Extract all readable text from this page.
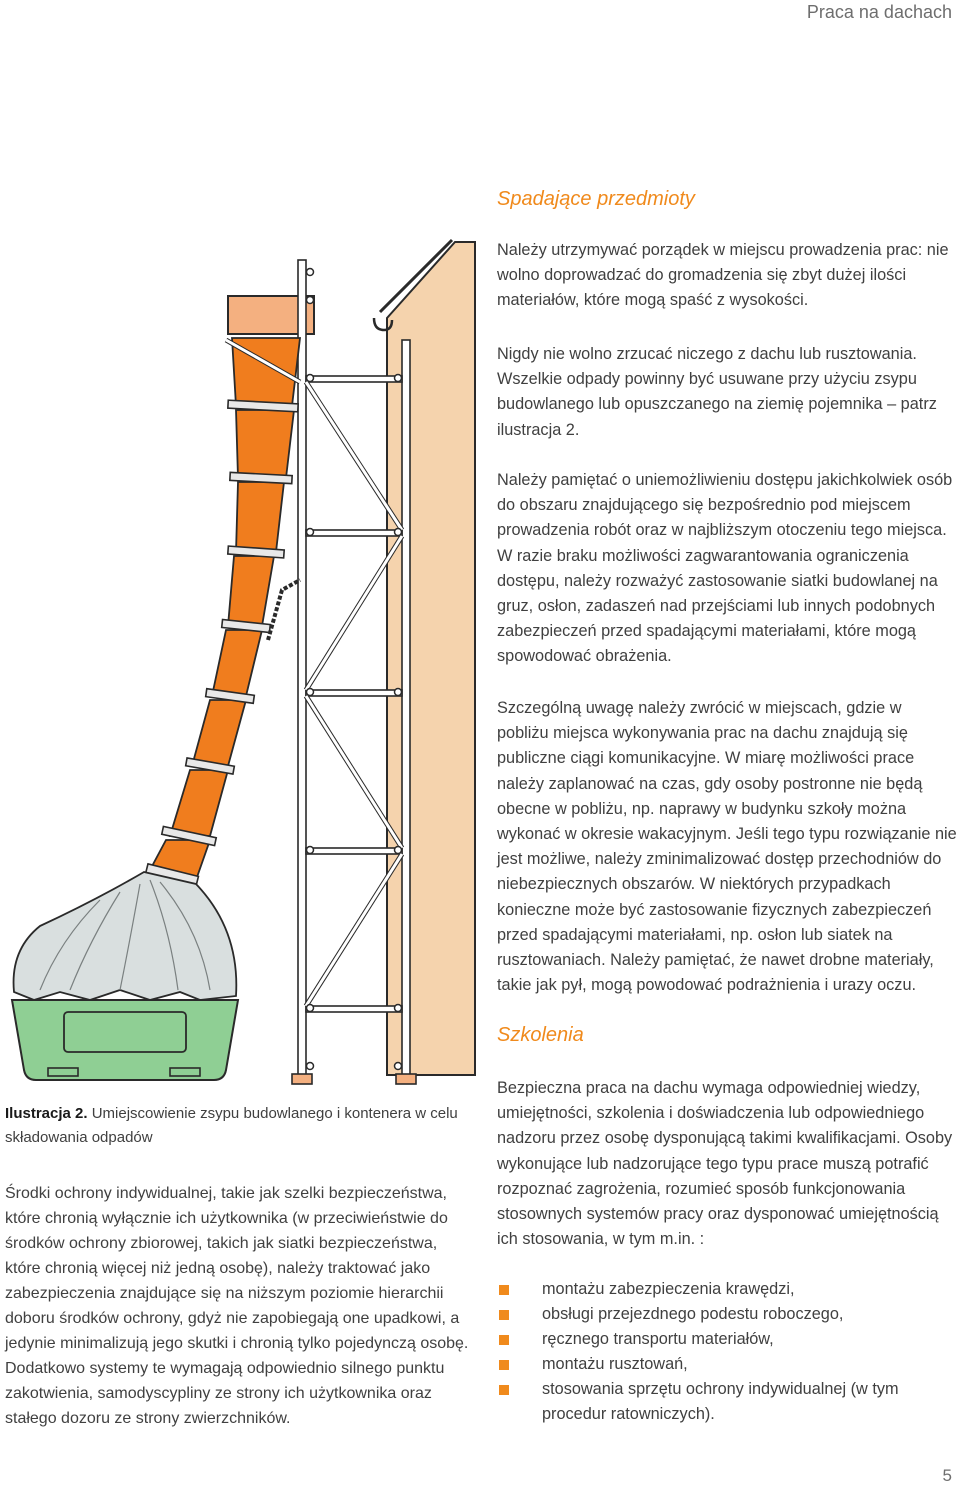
Praca na dachach
Spadające przedmioty

Należy utrzymywać porządek w miejscu prowadzenia prac: nie wolno doprowadzać do gromadzenia się zbyt dużej ilości materiałów, które mogą spaść z wysokości.

Nigdy nie wolno zrzucać niczego z dachu lub rusztowania. Wszelkie odpady powinny być usuwane przy użyciu zsypu budowlanego lub opuszczanego na ziemię pojemnika – patrz ilustracja 2.

Należy pamiętać o uniemożliwieniu dostępu jakichkolwiek osób do obszaru znajdującego się bezpośrednio pod miejscem prowadzenia robót oraz w najbliższym otoczeniu tego miejsca. W razie braku możliwości zagwarantowania ograniczenia dostępu, należy rozważyć zastosowanie siatki budowlanej na gruz, osłon, zadaszeń nad przejściami lub innych podobnych zabezpieczeń przed spadającymi materiałami, które mogą spowodować obrażenia.

Szczególną uwagę należy zwrócić w miejscach, gdzie w pobliżu miejsca wykonywania prac na dachu znajdują się publiczne ciągi komunikacyjne. W miarę możliwości prace należy zaplanować na czas, gdy osoby postronne nie będą obecne w pobliżu, np. naprawy w budynku szkoły można wykonać w okresie wakacyjnym. Jeśli tego typu rozwiązanie nie jest możliwe, należy zminimalizować dostęp przechodniów do niebezpiecznych obszarów. W niektórych przypadkach konieczne może być zastosowanie fizycznych zabezpieczeń przed spadającymi materiałami, np. osłon lub siatek na rusztowaniach. Należy pamiętać, że nawet drobne materiały, takie jak pył, mogą powodować podrażnienia i urazy oczu.

Szkolenia

Bezpieczna praca na dachu wymaga odpowiedniej wiedzy, umiejętności, szkolenia i doświadczenia lub odpowiedniego nadzoru przez osobę dysponującą takimi kwalifikacjami. Osoby wykonujące lub nadzorujące tego typu prace muszą potrafić rozpoznać zagrożenia, rozumieć sposób funkcjonowania stosownych systemów pracy oraz dysponować umiejętnością ich stosowania, w tym m.in. :

montażu zabezpieczenia krawędzi,
obsługi przejezdnego podestu roboczego,
ręcznego transportu materiałów,
montażu rusztowań,
stosowania sprzętu ochrony indywidualnej (w tym procedur ratowniczych).
Ilustracja 2. Umiejscowienie zsypu budowlanego i kontenera w celu składowania odpadów

Środki ochrony indywidualnej, takie jak szelki bezpieczeństwa, które chronią wyłącznie ich użytkownika (w przeciwieństwie do środków ochrony zbiorowej, takich jak siatki bezpieczeństwa, które chronią więcej niż jedną osobę), należy traktować jako zabezpieczenia znajdujące się na niższym poziomie hierarchii doboru środków ochrony, gdyż nie zapobiegają one upadkowi, a jedynie minimalizują jego skutki i chronią tylko pojedynczą osobę. Dodatkowo systemy te wymagają odpowiednio silnego punktu zakotwienia, samodyscypliny ze strony ich użytkownika oraz stałego dozoru ze strony zwierzchników.

5
